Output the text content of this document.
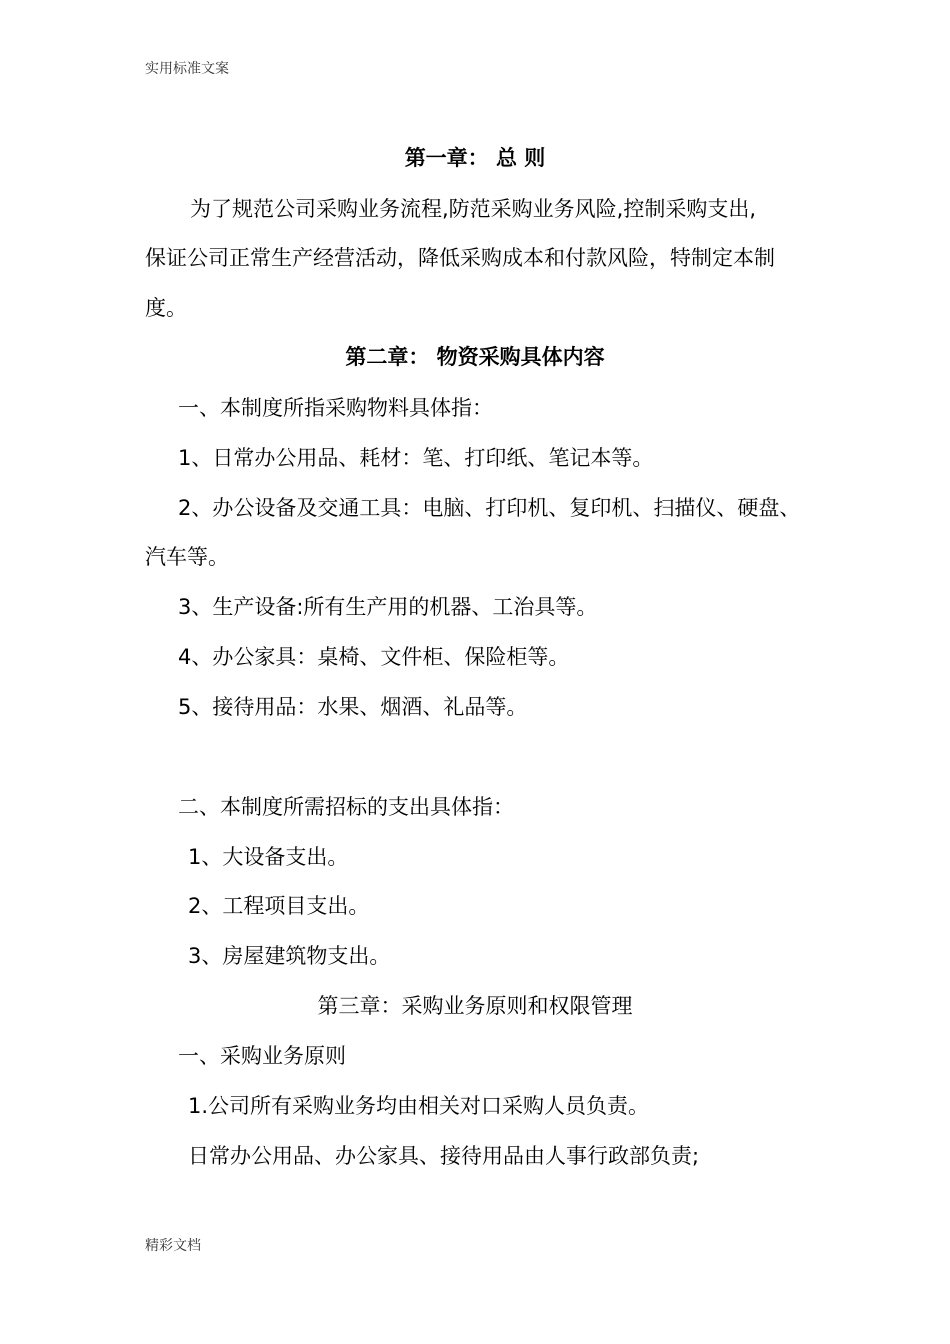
实用标准文案
第一章： 总 则
为了规范公司采购业务流程,防范采购业务风险,控制采购支出,
保证公司正常生产经营活动，降低采购成本和付款风险，特制定本制
度。
第二章： 物资采购具体内容
一、本制度所指采购物料具体指：
1、日常办公用品、耗材：笔、打印纸、笔记本等。
2、办公设备及交通工具：电脑、打印机、复印机、扫描仪、硬盘、
汽车等。
3、生产设备:所有生产用的机器、工治具等。
4、办公家具：桌椅、文件柜、保险柜等。
5、接待用品：水果、烟酒、礼品等。
二、本制度所需招标的支出具体指：
1、大设备支出。
2、工程项目支出。
3、房屋建筑物支出。
第三章：采购业务原则和权限管理
一、采购业务原则
1.公司所有采购业务均由相关对口采购人员负责。
日常办公用品、办公家具、接待用品由人事行政部负责;
精彩文档
